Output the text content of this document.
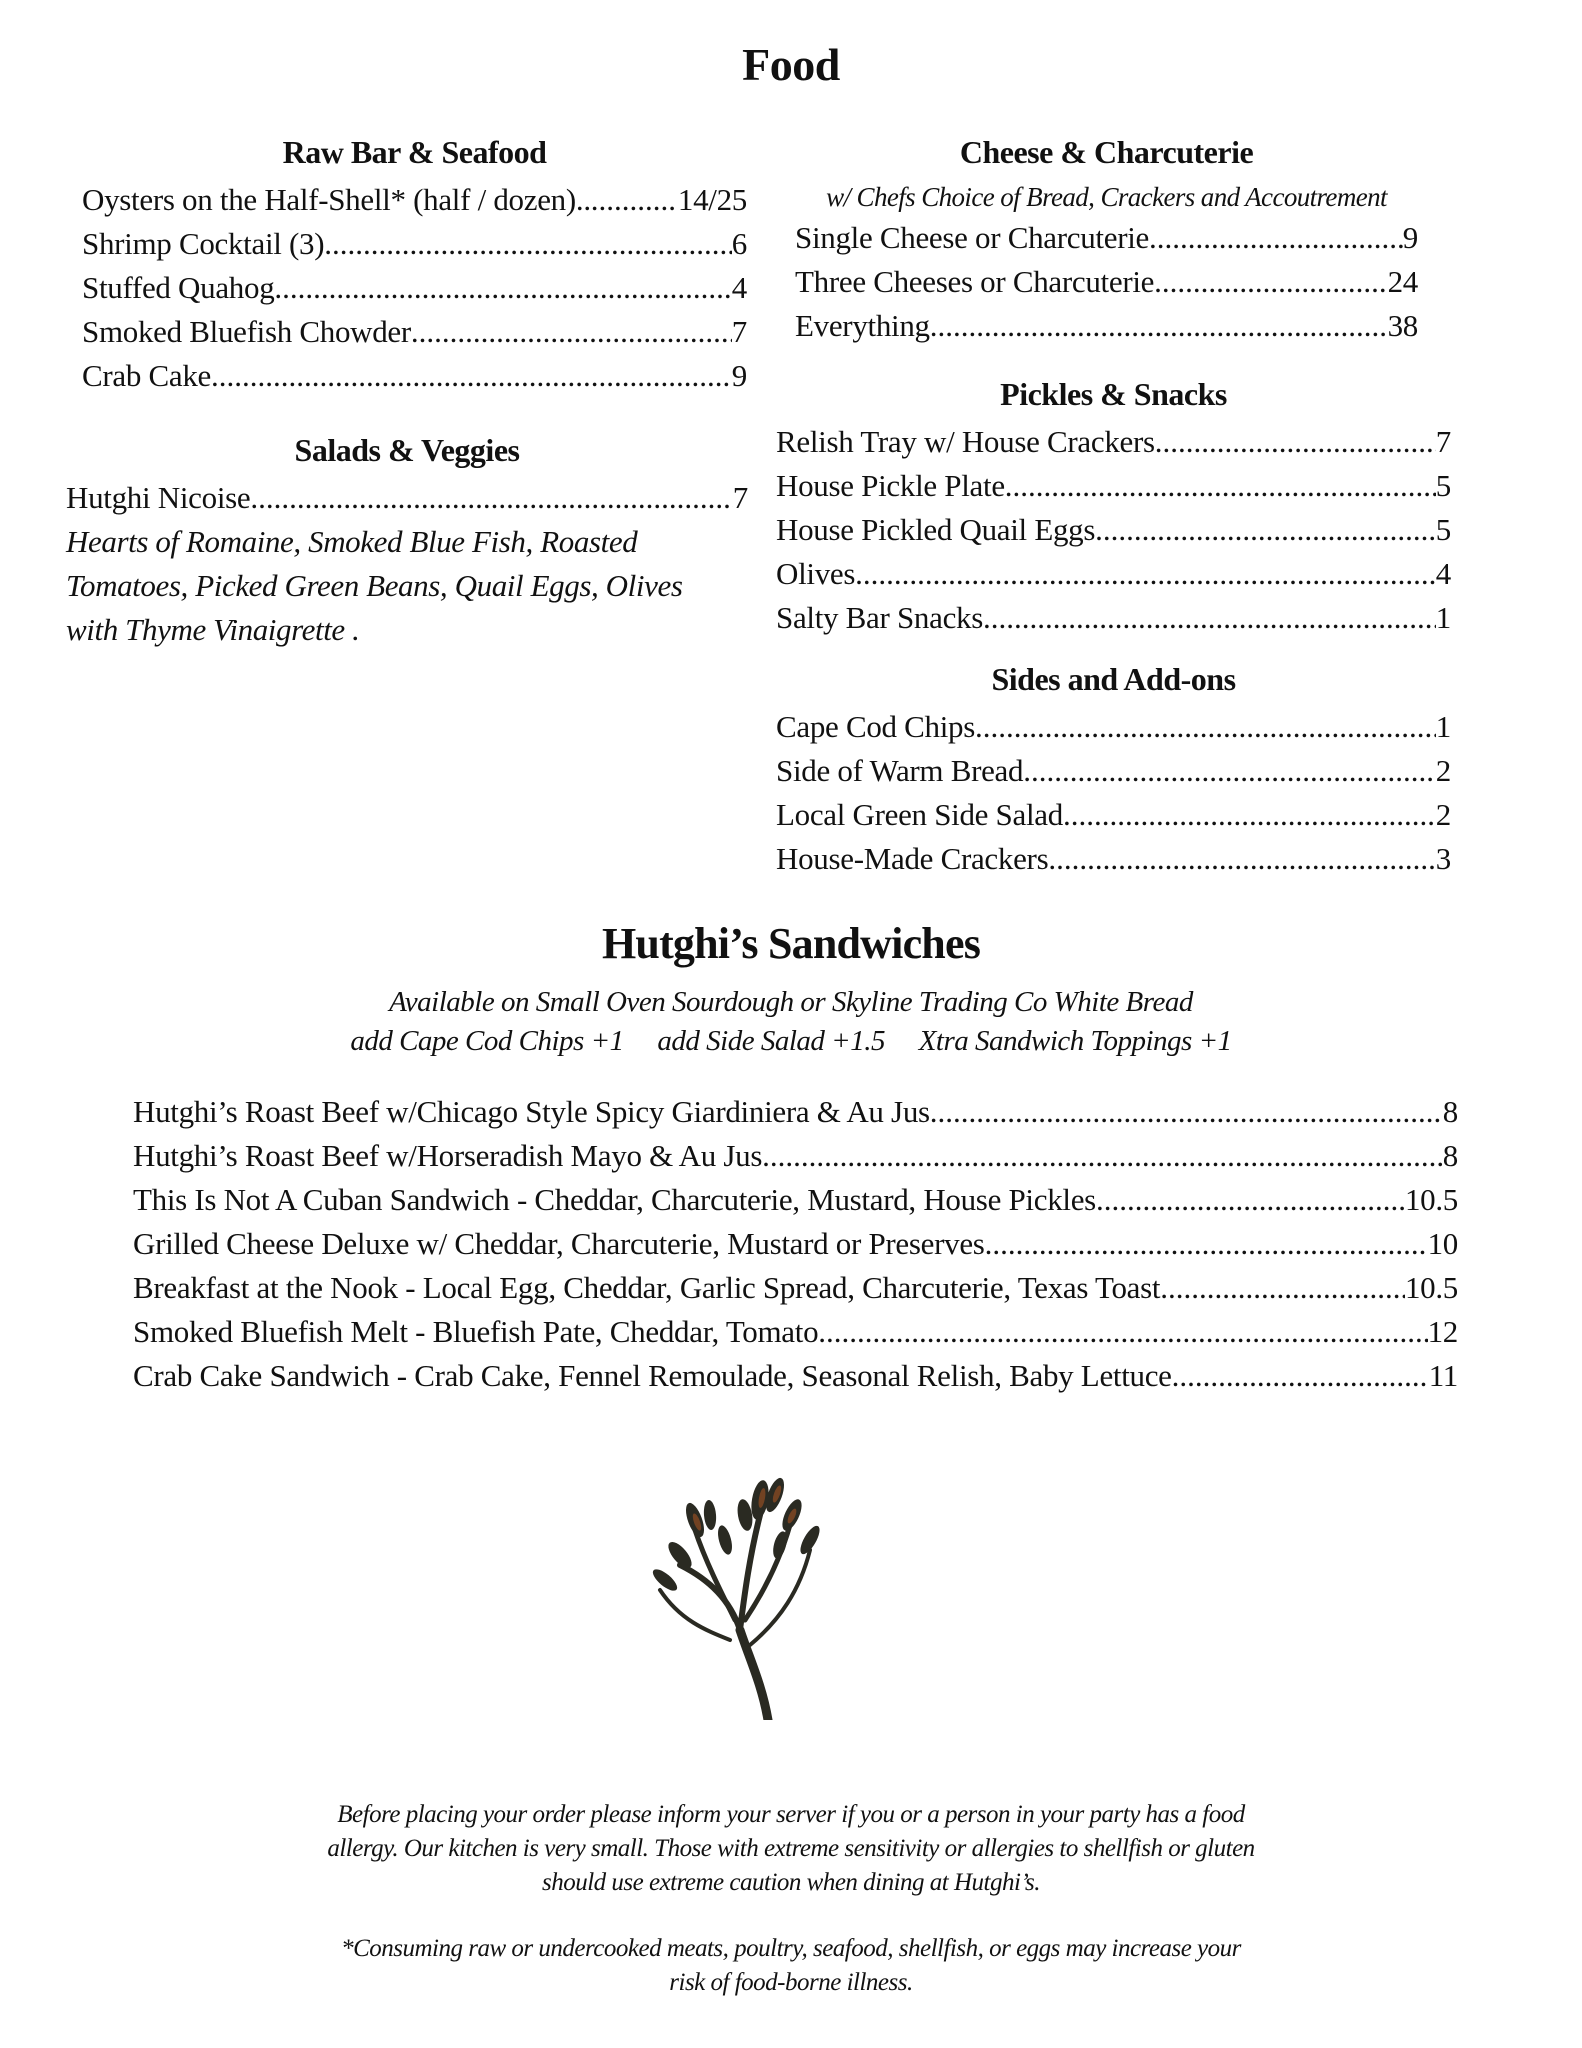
Food
Raw Bar & Seafood
Oysters on the Half-Shell* (half / dozen).. .....	14/25
Shrimp Cocktail (3) .....	6
Stuffed Quahog .....	4
Smoked Bluefish Chowder .....	7
Crab Cake .....	9
Salads & Veggies
Hutghi Nicoise .....	7
Hearts of Romaine, Smoked Blue Fish, Roasted
Tomatoes, Picked Green Beans, Quail Eggs, Olives
with Thyme Vinaigrette .
Cheese & Charcuterie
w/ Chefs Choice of Bread, Crackers and Accoutrement
Single Cheese or Charcuterie .....	9
Three Cheeses or Charcuterie .....	24
Everything .....	38
Pickles & Snacks
Relish Tray w/ House Crackers .....	7
House Pickle Plate .....	5
House Pickled Quail Eggs .....	5
Olives .....	4
Salty Bar Snacks .....	1
Sides and Add-ons
Cape Cod Chips .....	1
Side of Warm Bread .....	2
Local Green Side Salad .....	2
House-Made Crackers .....	3
Hutghi’s Sandwiches
Available on Small Oven Sourdough or Skyline Trading Co White Bread
add Cape Cod Chips +1     add Side Salad +1.5     Xtra Sandwich Toppings +1
Hutghi’s Roast Beef w/Chicago Style Spicy Giardiniera & Au Jus .....	8
Hutghi’s Roast Beef w/Horseradish Mayo & Au Jus .....	8
This Is Not A Cuban Sandwich - Cheddar, Charcuterie, Mustard, House Pickles .....	10.5
Grilled Cheese Deluxe w/ Cheddar, Charcuterie, Mustard or Preserves .....	10
Breakfast at the Nook - Local Egg, Cheddar, Garlic Spread, Charcuterie, Texas Toast .....	10.5
Smoked Bluefish Melt - Bluefish Pate, Cheddar, Tomato .....	12
Crab Cake Sandwich - Crab Cake, Fennel Remoulade, Seasonal Relish, Baby Lettuce .....	11
Before placing your order please inform your server if you or a person in your party has a food
allergy. Our kitchen is very small. Those with extreme sensitivity or allergies to shellfish or gluten
should use extreme caution when dining at Hutghi’s.
*Consuming raw or undercooked meats, poultry, seafood, shellfish, or eggs may increase your
risk of food-borne illness.
